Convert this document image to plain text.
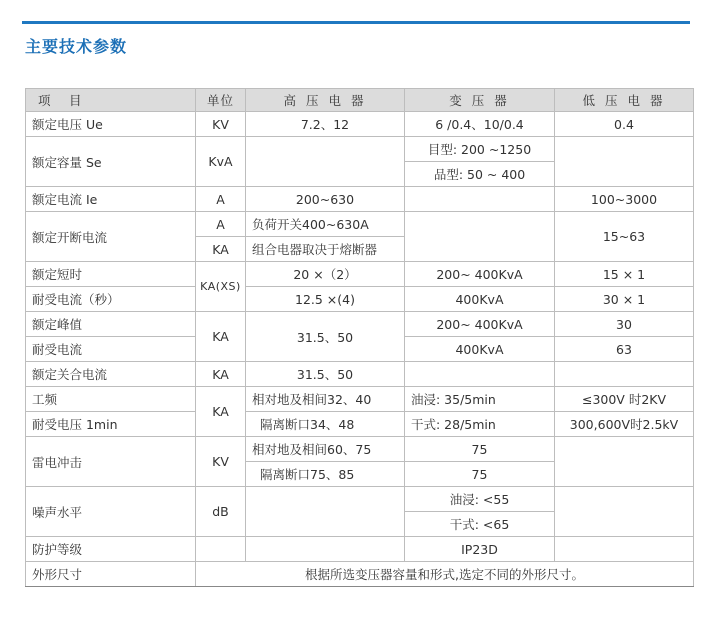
主要技术参数
项　目	单位	高 压 电 器	变 压 器	低 压 电 器
额定电压 Ue	KV	7.2、12	6 /0.4、10/0.4	0.4
额定容量 Se	KvA		目型: 200 ~1250	
			品型: 50 ~ 400	
额定电流 Ie	A	200~630		100~3000
额定开断电流	A	负荷开关400~630A		15~63
	KA	组合电器取决于熔断器		
额定短时	KA(XS)	20 ×（2）	200~ 400KvA	15 × 1
耐受电流（秒）		12.5 ×(4)	400KvA	30 × 1
额定峰值	KA	31.5、50	200~ 400KvA	30
耐受电流			400KvA	63
额定关合电流	KA	31.5、50		
工频	KA	相对地及相间32、40	油浸: 35/5min	≤300V 时2KV
耐受电压 1min		隔离断口34、48	干式: 28/5min	300,600V时2.5kV
雷电冲击	KV	相对地及相间60、75	75	
		隔离断口75、85	75	
噪声水平	dB		油浸: <55	
			干式: <65	
防护等级			IP23D	
外形尺寸	根据所选变压器容量和形式,选定不同的外形尺寸。			
